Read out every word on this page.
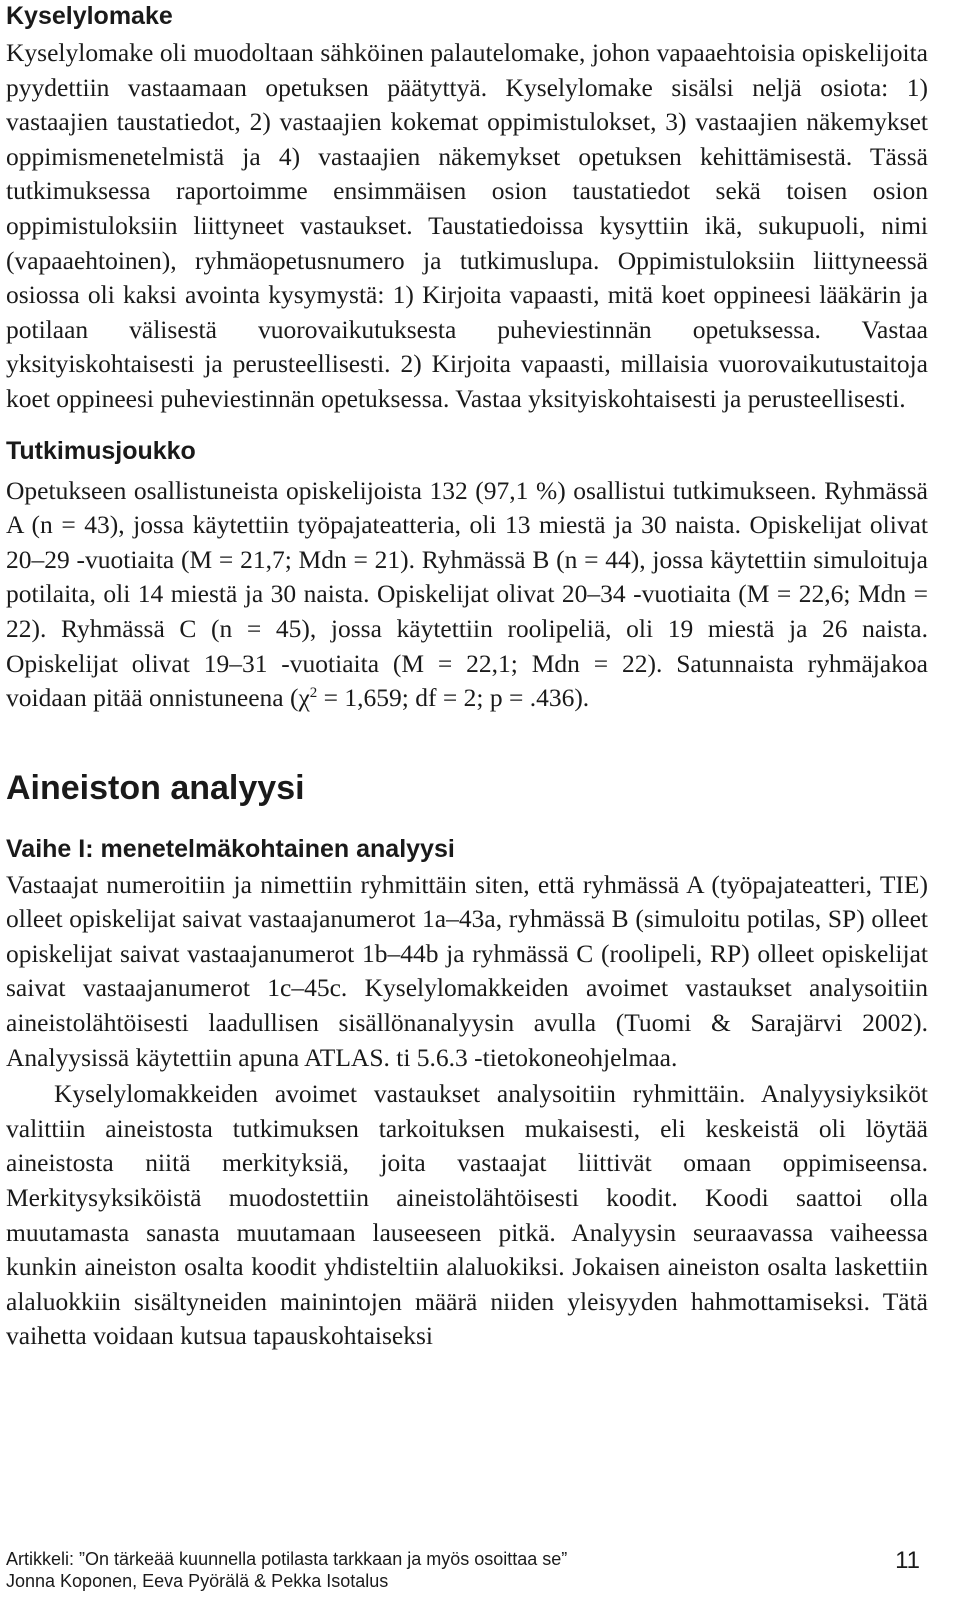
Kyselylomake

Kyselylomake oli muodoltaan sähköinen palautelomake, johon vapaaehtoisia opiskelijoita pyydettiin vastaamaan opetuksen päätyttyä. Kyselylomake sisälsi neljä osiota: 1) vastaajien taustatiedot, 2) vastaajien kokemat oppimistulokset, 3) vastaajien näkemykset oppimismenetelmistä ja 4) vastaajien näkemykset opetuksen kehittämisestä. Tässä tutkimuksessa raportoimme ensimmäisen osion taustatiedot sekä toisen osion oppimistuloksiin liittyneet vastaukset. Taustatiedoissa kysyttiin ikä, sukupuoli, nimi (vapaaehtoinen), ryhmäopetusnumero ja tutkimuslupa. Oppimistuloksiin liittyneessä osiossa oli kaksi avointa kysymystä: 1) Kirjoita vapaasti, mitä koet oppineesi lääkärin ja potilaan välisestä vuorovaikutuksesta puheviestinnän opetuksessa. Vastaa yksityiskohtaisesti ja perusteellisesti. 2) Kirjoita vapaasti, millaisia vuorovaikutustaitoja koet oppineesi puheviestinnän opetuksessa. Vastaa yksityiskohtaisesti ja perusteellisesti.

Tutkimusjoukko

Opetukseen osallistuneista opiskelijoista 132 (97,1 %) osallistui tutkimukseen. Ryhmässä A (n = 43), jossa käytettiin työpajateatteria, oli 13 miestä ja 30 naista. Opiskelijat olivat 20–29 -vuotiaita (M = 21,7; Mdn = 21). Ryhmässä B (n = 44), jossa käytettiin simuloituja potilaita, oli 14 miestä ja 30 naista. Opiskelijat olivat 20–34 -vuotiaita (M = 22,6; Mdn = 22). Ryhmässä C (n = 45), jossa käytettiin roolipeliä, oli 19 miestä ja 26 naista. Opiskelijat olivat 19–31 -vuotiaita (M = 22,1; Mdn = 22). Satunnaista ryhmäjakoa voidaan pitää onnistuneena ($\chi^2 = 1,659$; df = 2; p = .436).

Aineiston analyysi
Vaihe I: menetelmäkohtainen analyysi

Vastaajat numeroitiin ja nimettiin ryhmittäin siten, että ryhmässä A (työpajateatteri, TIE) olleet opiskelijat saivat vastaajanumerot 1a–43a, ryhmässä B (simuloitu potilas, SP) olleet opiskelijat saivat vastaajanumerot 1b–44b ja ryhmässä C (roolipeli, RP) olleet opiskelijat saivat vastaajanumerot 1c–45c. Kyselylomakkeiden avoimet vastaukset analysoitiin aineistolähtöisesti laadullisen sisällönanalyysin avulla (Tuomi & Sarajärvi 2002). Analyysissä käytettiin apuna ATLAS. ti 5.6.3 -tietokoneohjelmaa.

Kyselylomakkeiden avoimet vastaukset analysoitiin ryhmittäin. Analyysiyksiköt valittiin aineistosta tutkimuksen tarkoituksen mukaisesti, eli keskeistä oli löytää aineistosta niitä merkityksiä, joita vastaajat liittivät omaan oppimiseensa. Merkitysyksiköistä muodostettiin aineistolähtöisesti koodit. Koodi saattoi olla muutamasta sanasta muutamaan lauseeseen pitkä. Analyysin seuraavassa vaiheessa kunkin aineiston osalta koodit yhdisteltiin alaluokiksi. Jokaisen aineiston osalta laskettiin alaluokkiin sisältyneiden mainintojen määrä niiden yleisyyden hahmottamiseksi. Tätä vaihetta voidaan kutsua tapauskohtaiseksi

Artikkeli: ”On tärkeää kuunnella potilasta tarkkaan ja myös osoittaa se”
Jonna Koponen, Eeva Pyörälä & Pekka Isotalus
11
